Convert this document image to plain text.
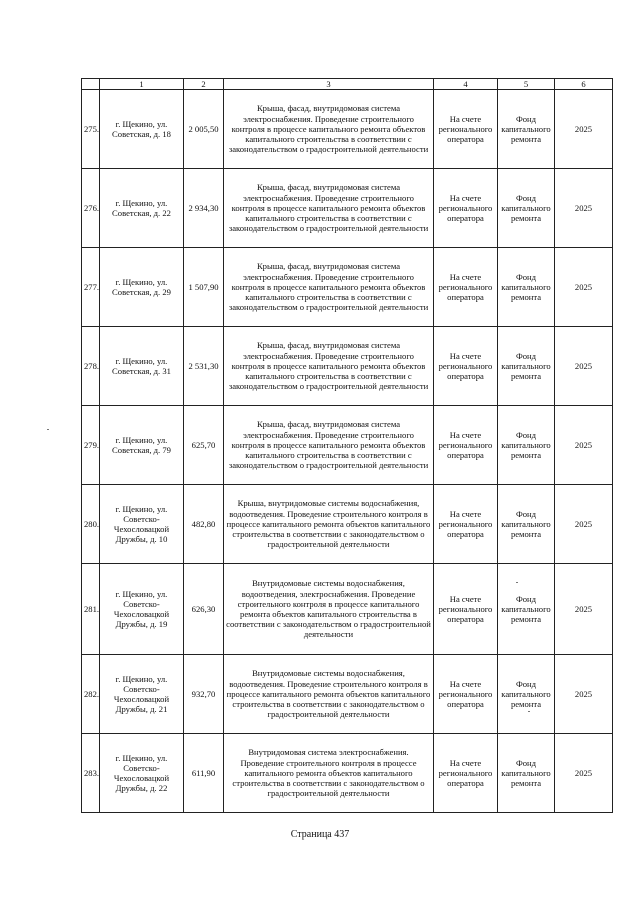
	1	2	3	4	5	6
275.	г. Щекино, ул. Советская, д. 18	2 005,50	Крыша, фасад, внутридомовая система электроснабжения. Проведение строительного контроля в процессе капитального ремонта объектов капитального строительства в соответствии с законодательством о градостроительной деятельности	На счете регионального оператора	Фонд капитального ремонта	2025
276.	г. Щекино, ул. Советская, д. 22	2 934,30	Крыша, фасад, внутридомовая система электроснабжения. Проведение строительного контроля в процессе капитального ремонта объектов капитального строительства в соответствии с законодательством о градостроительной деятельности	На счете регионального оператора	Фонд капитального ремонта	2025
277.	г. Щекино, ул. Советская, д. 29	1 507,90	Крыша, фасад, внутридомовая система электроснабжения. Проведение строительного контроля в процессе капитального ремонта объектов капитального строительства в соответствии с законодательством о градостроительной деятельности	На счете регионального оператора	Фонд капитального ремонта	2025
278.	г. Щекино, ул. Советская, д. 31	2 531,30	Крыша, фасад, внутридомовая система электроснабжения. Проведение строительного контроля в процессе капитального ремонта объектов капитального строительства в соответствии с законодательством о градостроительной деятельности	На счете регионального оператора	Фонд капитального ремонта	2025
279.	г. Щекино, ул. Советская, д. 79	625,70	Крыша, фасад, внутридомовая система электроснабжения. Проведение строительного контроля в процессе капитального ремонта объектов капитального строительства в соответствии с законодательством о градостроительной деятельности	На счете регионального оператора	Фонд капитального ремонта	2025
280.	г. Щекино, ул. Советско-Чехословацкой Дружбы, д. 10	482,80	Крыша, внутридомовые системы водоснабжения, водоотведения. Проведение строительного контроля в процессе капитального ремонта объектов капитального строительства в соответствии с законодательством о градостроительной деятельности	На счете регионального оператора	Фонд капитального ремонта	2025
281.	г. Щекино, ул. Советско-Чехословацкой Дружбы, д. 19	626,30	Внутридомовые системы водоснабжения, водоотведения, электроснабжения. Проведение строительного контроля в процессе капитального ремонта объектов капитального строительства в соответствии с законодательством о градостроительной деятельности	На счете регионального оператора	Фонд капитального ремонта	2025
282.	г. Щекино, ул. Советско-Чехословацкой Дружбы, д. 21	932,70	Внутридомовые системы водоснабжения, водоотведения. Проведение строительного контроля в процессе капитального ремонта объектов капитального строительства в соответствии с законодательством о градостроительной деятельности	На счете регионального оператора	Фонд капитального ремонта	2025
283.	г. Щекино, ул. Советско-Чехословацкой Дружбы, д. 22	611,90	Внутридомовая система электроснабжения. Проведение строительного контроля в процессе капитального ремонта объектов капитального строительства в соответствии с законодательством о градостроительной деятельности	На счете регионального оператора	Фонд капитального ремонта	2025
Страница 437
